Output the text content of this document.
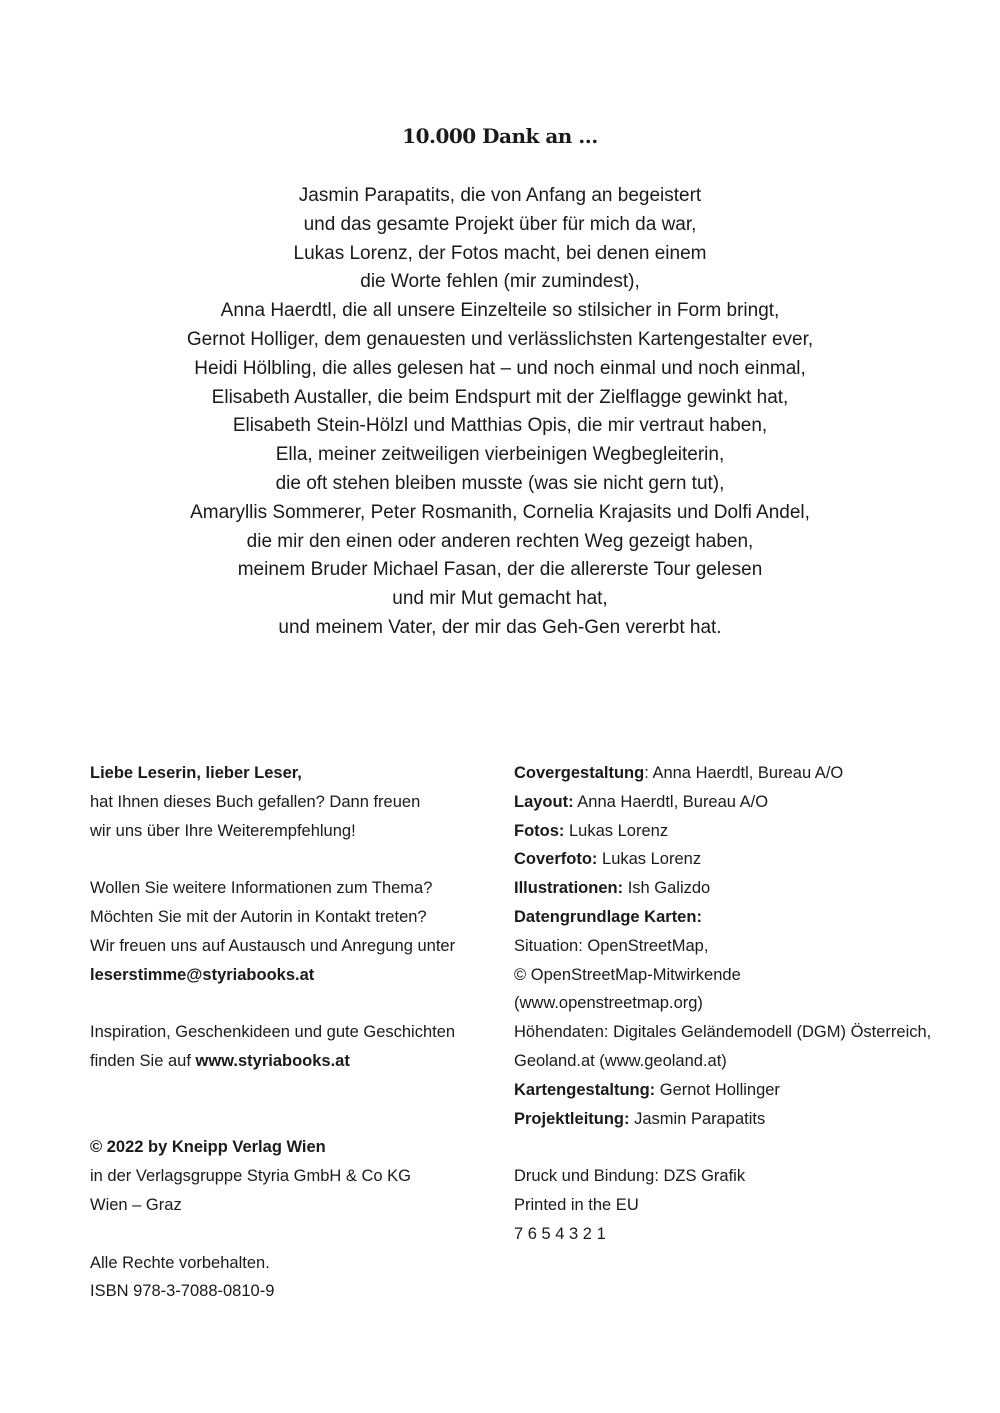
10.000 Dank an …

Jasmin Parapatits, die von Anfang an begeistert
und das gesamte Projekt über für mich da war,
Lukas Lorenz, der Fotos macht, bei denen einem
die Worte fehlen (mir zumindest),
Anna Haerdtl, die all unsere Einzelteile so stilsicher in Form bringt,
Gernot Holliger, dem genauesten und verlässlichsten Kartengestalter ever,
Heidi Hölbling, die alles gelesen hat – und noch einmal und noch einmal,
Elisabeth Austaller, die beim Endspurt mit der Zielflagge gewinkt hat,
Elisabeth Stein-Hölzl und Matthias Opis, die mir vertraut haben,
Ella, meiner zeitweiligen vierbeinigen Wegbegleiterin,
die oft stehen bleiben musste (was sie nicht gern tut),
Amaryllis Sommerer, Peter Rosmanith, Cornelia Krajasits und Dolfi Andel,
die mir den einen oder anderen rechten Weg gezeigt haben,
meinem Bruder Michael Fasan, der die allererste Tour gelesen
und mir Mut gemacht hat,
und meinem Vater, der mir das Geh-Gen vererbt hat.

Liebe Leserin, lieber Leser,
hat Ihnen dieses Buch gefallen? Dann freuen
wir uns über Ihre Weiterempfehlung!
Wollen Sie weitere Informationen zum Thema?
Möchten Sie mit der Autorin in Kontakt treten?
Wir freuen uns auf Austausch und Anregung unter
leserstimme@styriabooks.at
Inspiration, Geschenkideen und gute Geschichten
finden Sie auf www.styriabooks.at
© 2022 by Kneipp Verlag Wien
in der Verlagsgruppe Styria GmbH & Co KG
Wien – Graz
Alle Rechte vorbehalten.
ISBN 978-3-7088-0810-9
Covergestaltung: Anna Haerdtl, Bureau A/O
Layout: Anna Haerdtl, Bureau A/O
Fotos: Lukas Lorenz
Coverfoto: Lukas Lorenz
Illustrationen: Ish Galizdo
Datengrundlage Karten:
Situation: OpenStreetMap,
© OpenStreetMap-Mitwirkende
(www.openstreetmap.org)
Höhendaten: Digitales Geländemodell (DGM) Österreich,
Geoland.at (www.geoland.at)
Kartengestaltung: Gernot Hollinger
Projektleitung: Jasmin Parapatits
Druck und Bindung: DZS Grafik
Printed in the EU
7 6 5 4 3 2 1
